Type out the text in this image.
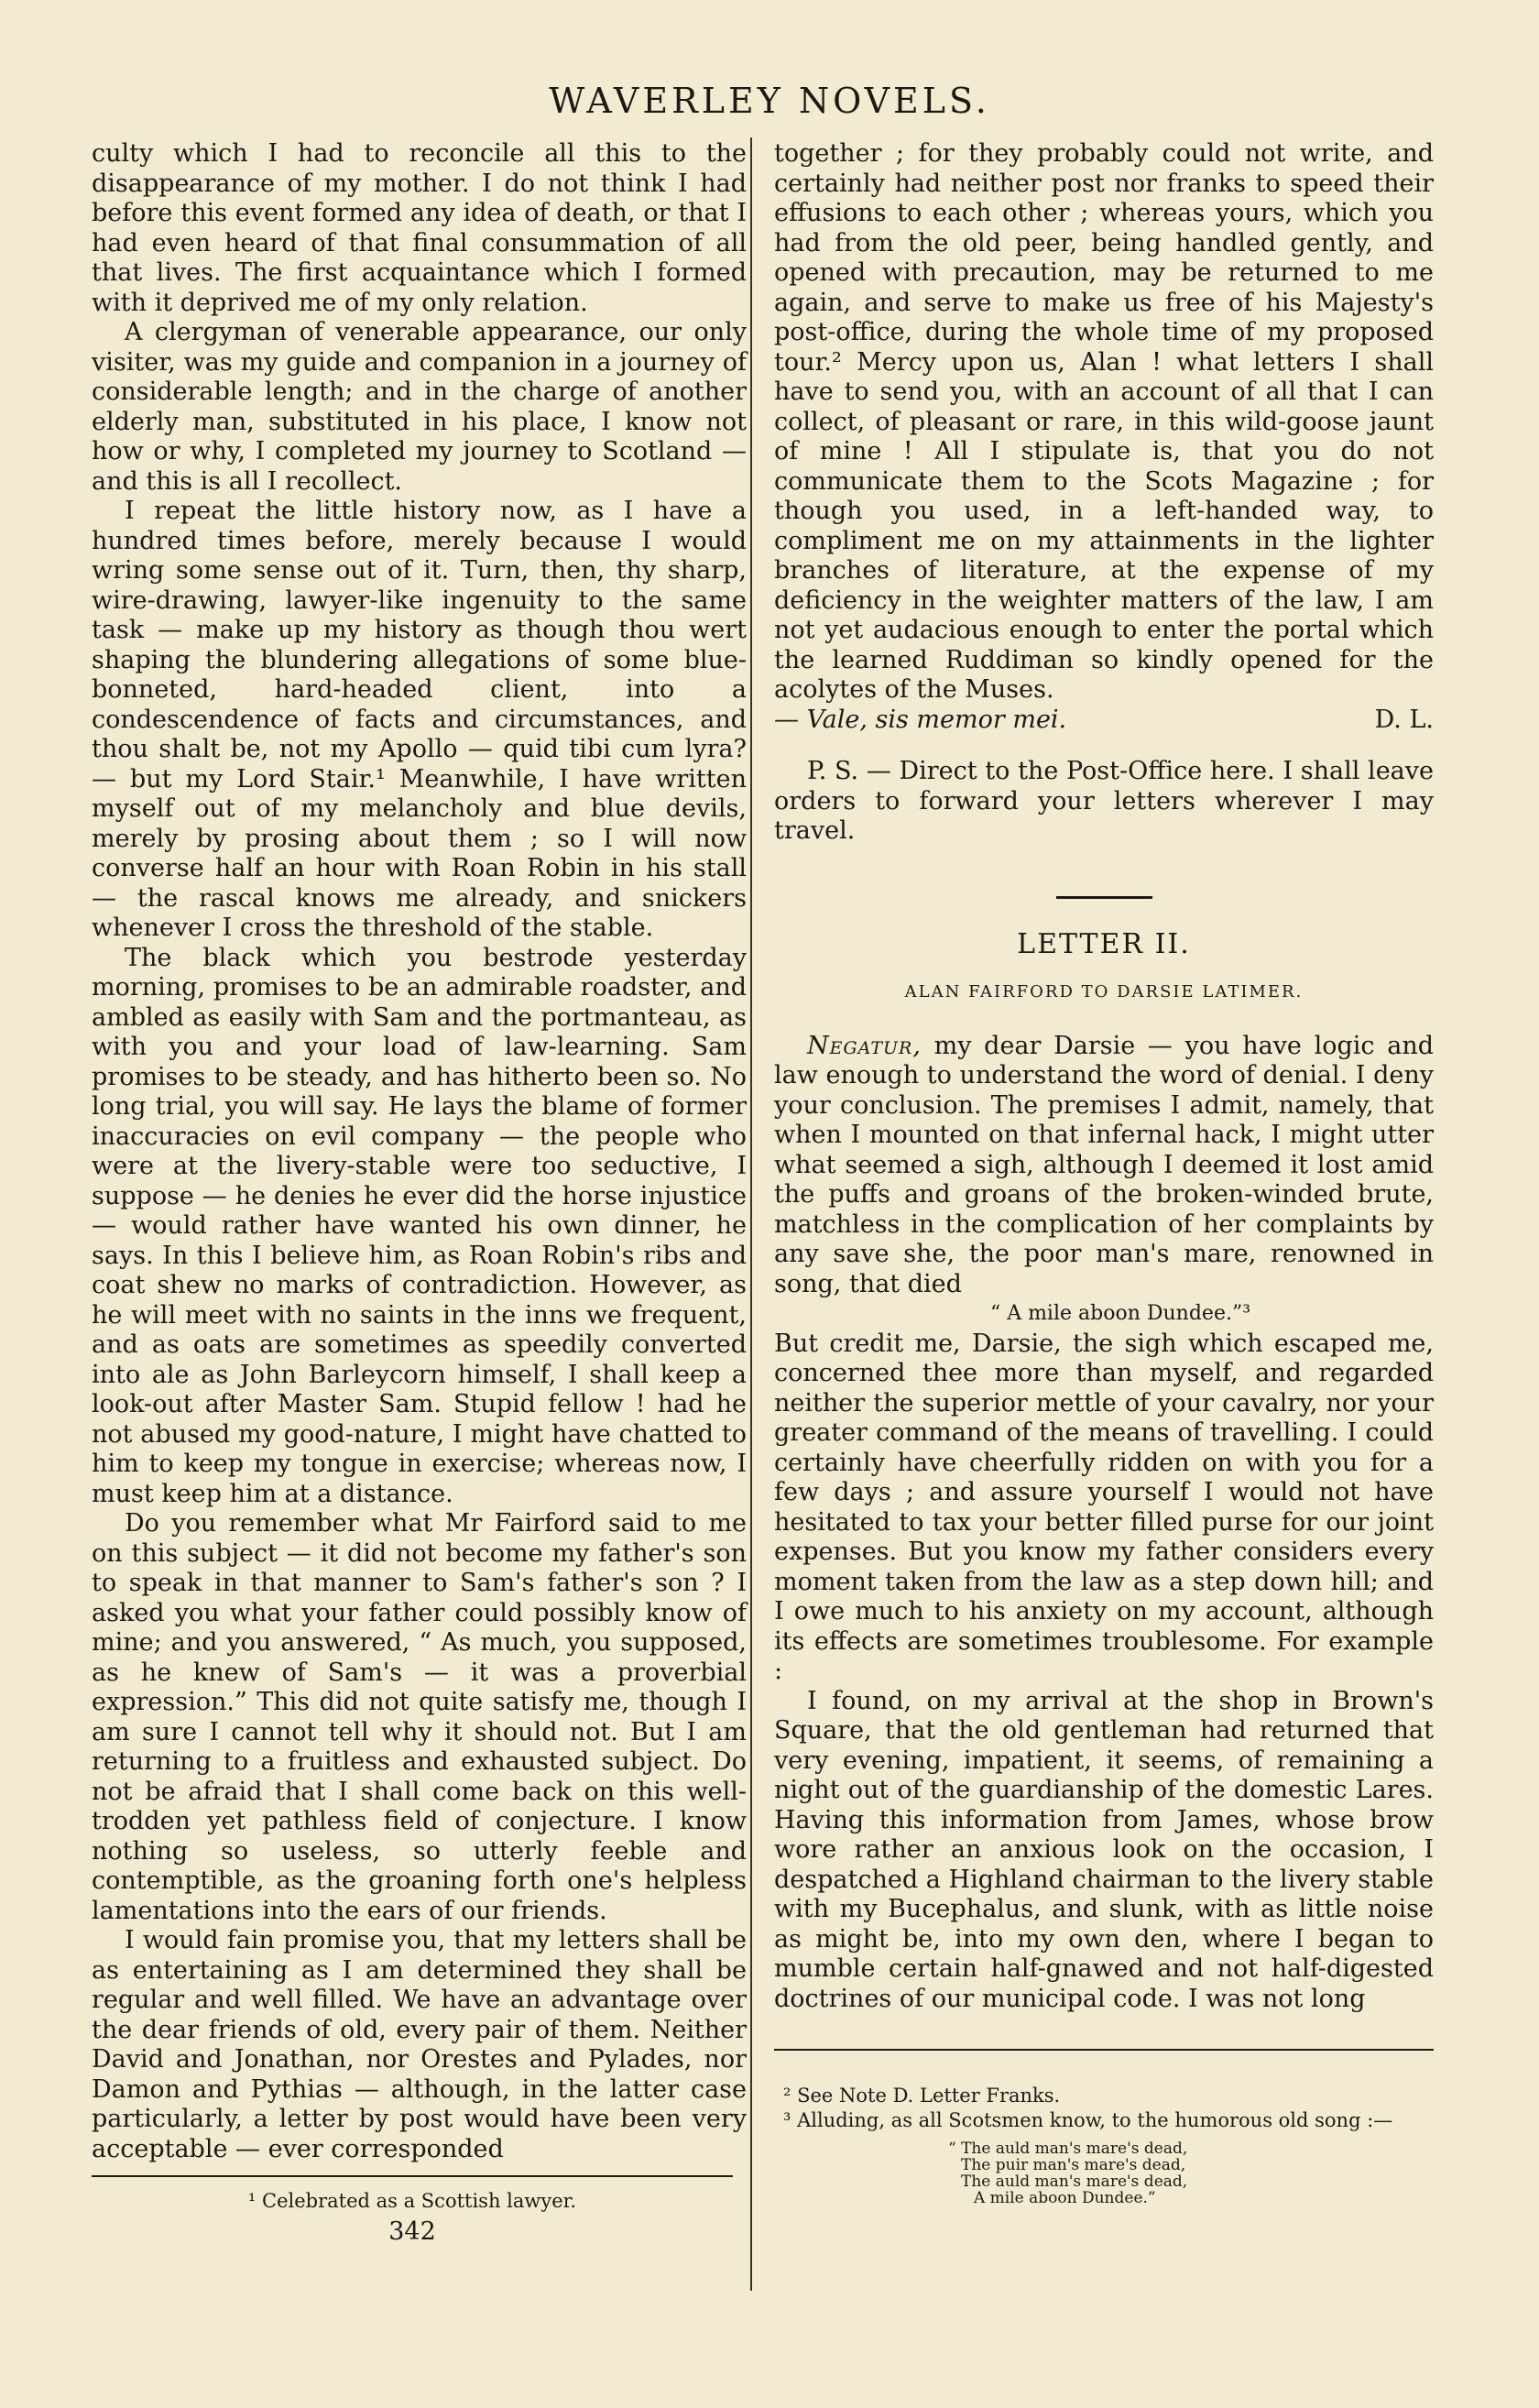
WAVERLEY NOVELS.

culty which I had to reconcile all this to the disappearance of my mother. I do not think I had before this event formed any idea of death, or that I had even heard of that final consummation of all that lives. The first acquaintance which I formed with it deprived me of my only relation.

A clergyman of venerable appearance, our only visiter, was my guide and companion in a journey of considerable length; and in the charge of another elderly man, substituted in his place, I know not how or why, I completed my journey to Scotland — and this is all I recollect.

I repeat the little history now, as I have a hundred times before, merely because I would wring some sense out of it. Turn, then, thy sharp, wire-drawing, lawyer-like ingenuity to the same task — make up my history as though thou wert shaping the blundering allegations of some blue-bonneted, hard-headed client, into a condescendence of facts and circumstances, and thou shalt be, not my Apollo — quid tibi cum lyra? — but my Lord Stair.¹ Meanwhile, I have written myself out of my melancholy and blue devils, merely by prosing about them ; so I will now converse half an hour with Roan Robin in his stall — the rascal knows me already, and snickers whenever I cross the threshold of the stable.

The black which you bestrode yesterday morning, promises to be an admirable roadster, and ambled as easily with Sam and the portmanteau, as with you and your load of law-learning. Sam promises to be steady, and has hitherto been so. No long trial, you will say. He lays the blame of former inaccuracies on evil company — the people who were at the livery-stable were too seductive, I suppose — he denies he ever did the horse injustice — would rather have wanted his own dinner, he says. In this I believe him, as Roan Robin's ribs and coat shew no marks of contradiction. However, as he will meet with no saints in the inns we frequent, and as oats are sometimes as speedily converted into ale as John Barleycorn himself, I shall keep a look-out after Master Sam. Stupid fellow ! had he not abused my good-nature, I might have chatted to him to keep my tongue in exercise; whereas now, I must keep him at a distance.

Do you remember what Mr Fairford said to me on this subject — it did not become my father's son to speak in that manner to Sam's father's son ? I asked you what your father could possibly know of mine; and you answered, “ As much, you supposed, as he knew of Sam's — it was a proverbial expression.” This did not quite satisfy me, though I am sure I cannot tell why it should not. But I am returning to a fruitless and exhausted subject. Do not be afraid that I shall come back on this well-trodden yet pathless field of conjecture. I know nothing so useless, so utterly feeble and contemptible, as the groaning forth one's helpless lamentations into the ears of our friends.

I would fain promise you, that my letters shall be as entertaining as I am determined they shall be regular and well filled. We have an advantage over the dear friends of old, every pair of them. Neither David and Jonathan, nor Orestes and Pylades, nor Damon and Pythias — although, in the latter case particularly, a letter by post would have been very acceptable — ever corresponded

¹ Celebrated as a Scottish lawyer.
342

together ; for they probably could not write, and certainly had neither post nor franks to speed their effusions to each other ; whereas yours, which you had from the old peer, being handled gently, and opened with precaution, may be returned to me again, and serve to make us free of his Majesty's post-office, during the whole time of my proposed tour.² Mercy upon us, Alan ! what letters I shall have to send you, with an account of all that I can collect, of pleasant or rare, in this wild-goose jaunt of mine ! All I stipulate is, that you do not communicate them to the Scots Magazine ; for though you used, in a left-handed way, to compliment me on my attainments in the lighter branches of literature, at the expense of my deficiency in the weighter matters of the law, I am not yet audacious enough to enter the portal which the learned Ruddiman so kindly opened for the acolytes of the Muses.

— Vale, sis memor mei.	D. L.

P. S. — Direct to the Post-Office here. I shall leave orders to forward your letters wherever I may travel.

LETTER II.
ALAN FAIRFORD TO DARSIE LATIMER.

Negatur, my dear Darsie — you have logic and law enough to understand the word of denial. I deny your conclusion. The premises I admit, namely, that when I mounted on that infernal hack, I might utter what seemed a sigh, although I deemed it lost amid the puffs and groans of the broken-winded brute, matchless in the complication of her complaints by any save she, the poor man's mare, renowned in song, that died

“ A mile aboon Dundee.”³

But credit me, Darsie, the sigh which escaped me, concerned thee more than myself, and regarded neither the superior mettle of your cavalry, nor your greater command of the means of travelling. I could certainly have cheerfully ridden on with you for a few days ; and assure yourself I would not have hesitated to tax your better filled purse for our joint expenses. But you know my father considers every moment taken from the law as a step down hill; and I owe much to his anxiety on my account, although its effects are sometimes troublesome. For example :

I found, on my arrival at the shop in Brown's Square, that the old gentleman had returned that very evening, impatient, it seems, of remaining a night out of the guardianship of the domestic Lares. Having this information from James, whose brow wore rather an anxious look on the occasion, I despatched a Highland chairman to the livery stable with my Bucephalus, and slunk, with as little noise as might be, into my own den, where I began to mumble certain half-gnawed and not half-digested doctrines of our municipal code. I was not long

² See Note D. Letter Franks.
³ Alluding, as all Scotsmen know, to the humorous old song :—
“ The auld man's mare's dead,
The puir man's mare's dead,
The auld man's mare's dead,
A mile aboon Dundee.”
